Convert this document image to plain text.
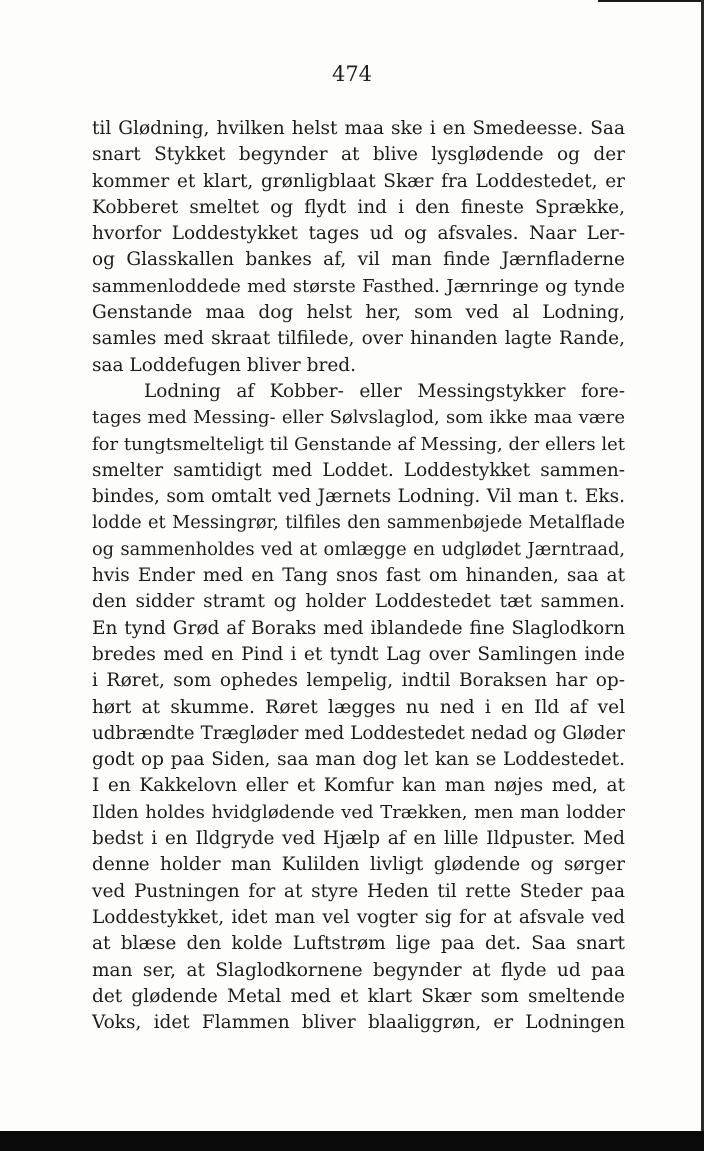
474
til Glødning, hvilken helst maa ske i en Smedeesse. Saa
snart Stykket begynder at blive lysglødende og der
kommer et klart, grønligblaat Skær fra Loddestedet, er
Kobberet smeltet og flydt ind i den fineste Sprække,
hvorfor Loddestykket tages ud og afsvales. Naar Ler-
og Glasskallen bankes af, vil man finde Jærnfladerne
sammenloddede med største Fasthed. Jærnringe og tynde
Genstande maa dog helst her, som ved al Lodning,
samles med skraat tilfilede, over hinanden lagte Rande,
saa Loddefugen bliver bred.
Lodning af Kobber- eller Messingstykker fore-
tages med Messing- eller Sølvslaglod, som ikke maa være
for tungtsmelteligt til Genstande af Messing, der ellers let
smelter samtidigt med Loddet. Loddestykket sammen-
bindes, som omtalt ved Jærnets Lodning. Vil man t. Eks.
lodde et Messingrør, tilfiles den sammenbøjede Metalflade
og sammenholdes ved at omlægge en udglødet Jærntraad,
hvis Ender med en Tang snos fast om hinanden, saa at
den sidder stramt og holder Loddestedet tæt sammen.
En tynd Grød af Boraks med iblandede fine Slaglodkorn
bredes med en Pind i et tyndt Lag over Samlingen inde
i Røret, som ophedes lempelig, indtil Boraksen har op-
hørt at skumme. Røret lægges nu ned i en Ild af vel
udbrændte Trægløder med Loddestedet nedad og Gløder
godt op paa Siden, saa man dog let kan se Loddestedet.
I en Kakkelovn eller et Komfur kan man nøjes med, at
Ilden holdes hvidglødende ved Trækken, men man lodder
bedst i en Ildgryde ved Hjælp af en lille Ildpuster. Med
denne holder man Kulilden livligt glødende og sørger
ved Pustningen for at styre Heden til rette Steder paa
Loddestykket, idet man vel vogter sig for at afsvale ved
at blæse den kolde Luftstrøm lige paa det. Saa snart
man ser, at Slaglodkornene begynder at flyde ud paa
det glødende Metal med et klart Skær som smeltende
Voks, idet Flammen bliver blaaliggrøn, er Lodningen
